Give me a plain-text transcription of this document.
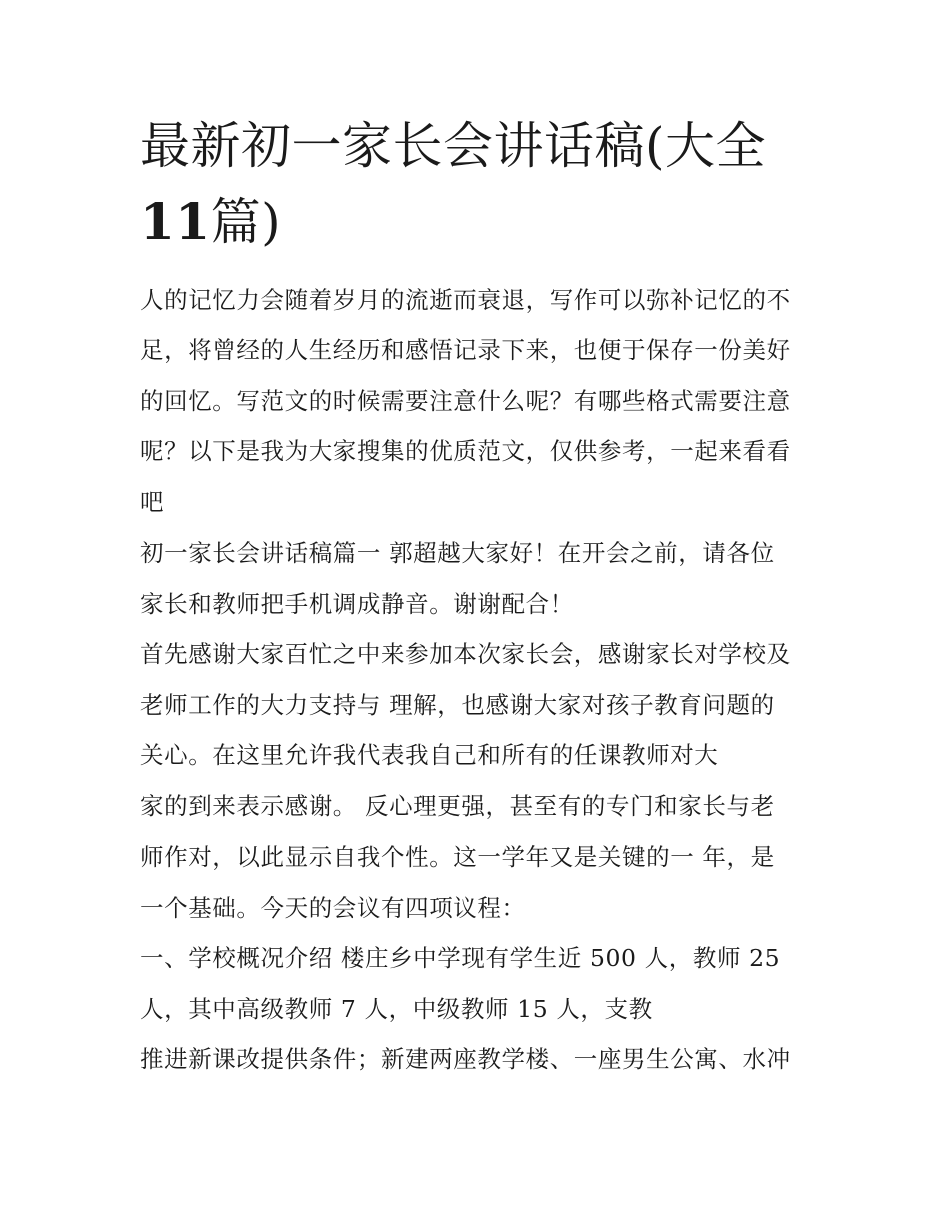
最新初一家长会讲话稿(大全
11篇)

人的记忆力会随着岁月的流逝而衰退，写作可以弥补记忆的不

足，将曾经的人生经历和感悟记录下来，也便于保存一份美好

的回忆。写范文的时候需要注意什么呢？有哪些格式需要注意

呢？以下是我为大家搜集的优质范文，仅供参考，一起来看看

吧

初一家长会讲话稿篇一 郭超越大家好！在开会之前，请各位

家长和教师把手机调成静音。谢谢配合！

首先感谢大家百忙之中来参加本次家长会，感谢家长对学校及

老师工作的大力支持与 理解，也感谢大家对孩子教育问题的

关心。在这里允许我代表我自己和所有的任课教师对大

家的到来表示感谢。 反心理更强，甚至有的专门和家长与老

师作对，以此显示自我个性。这一学年又是关键的一 年，是

一个基础。今天的会议有四项议程：

一、学校概况介绍 楼庄乡中学现有学生近 500 人，教师 25

人，其中高级教师 7 人，中级教师 15 人，支教

推进新课改提供条件；新建两座教学楼、一座男生公寓、水冲
